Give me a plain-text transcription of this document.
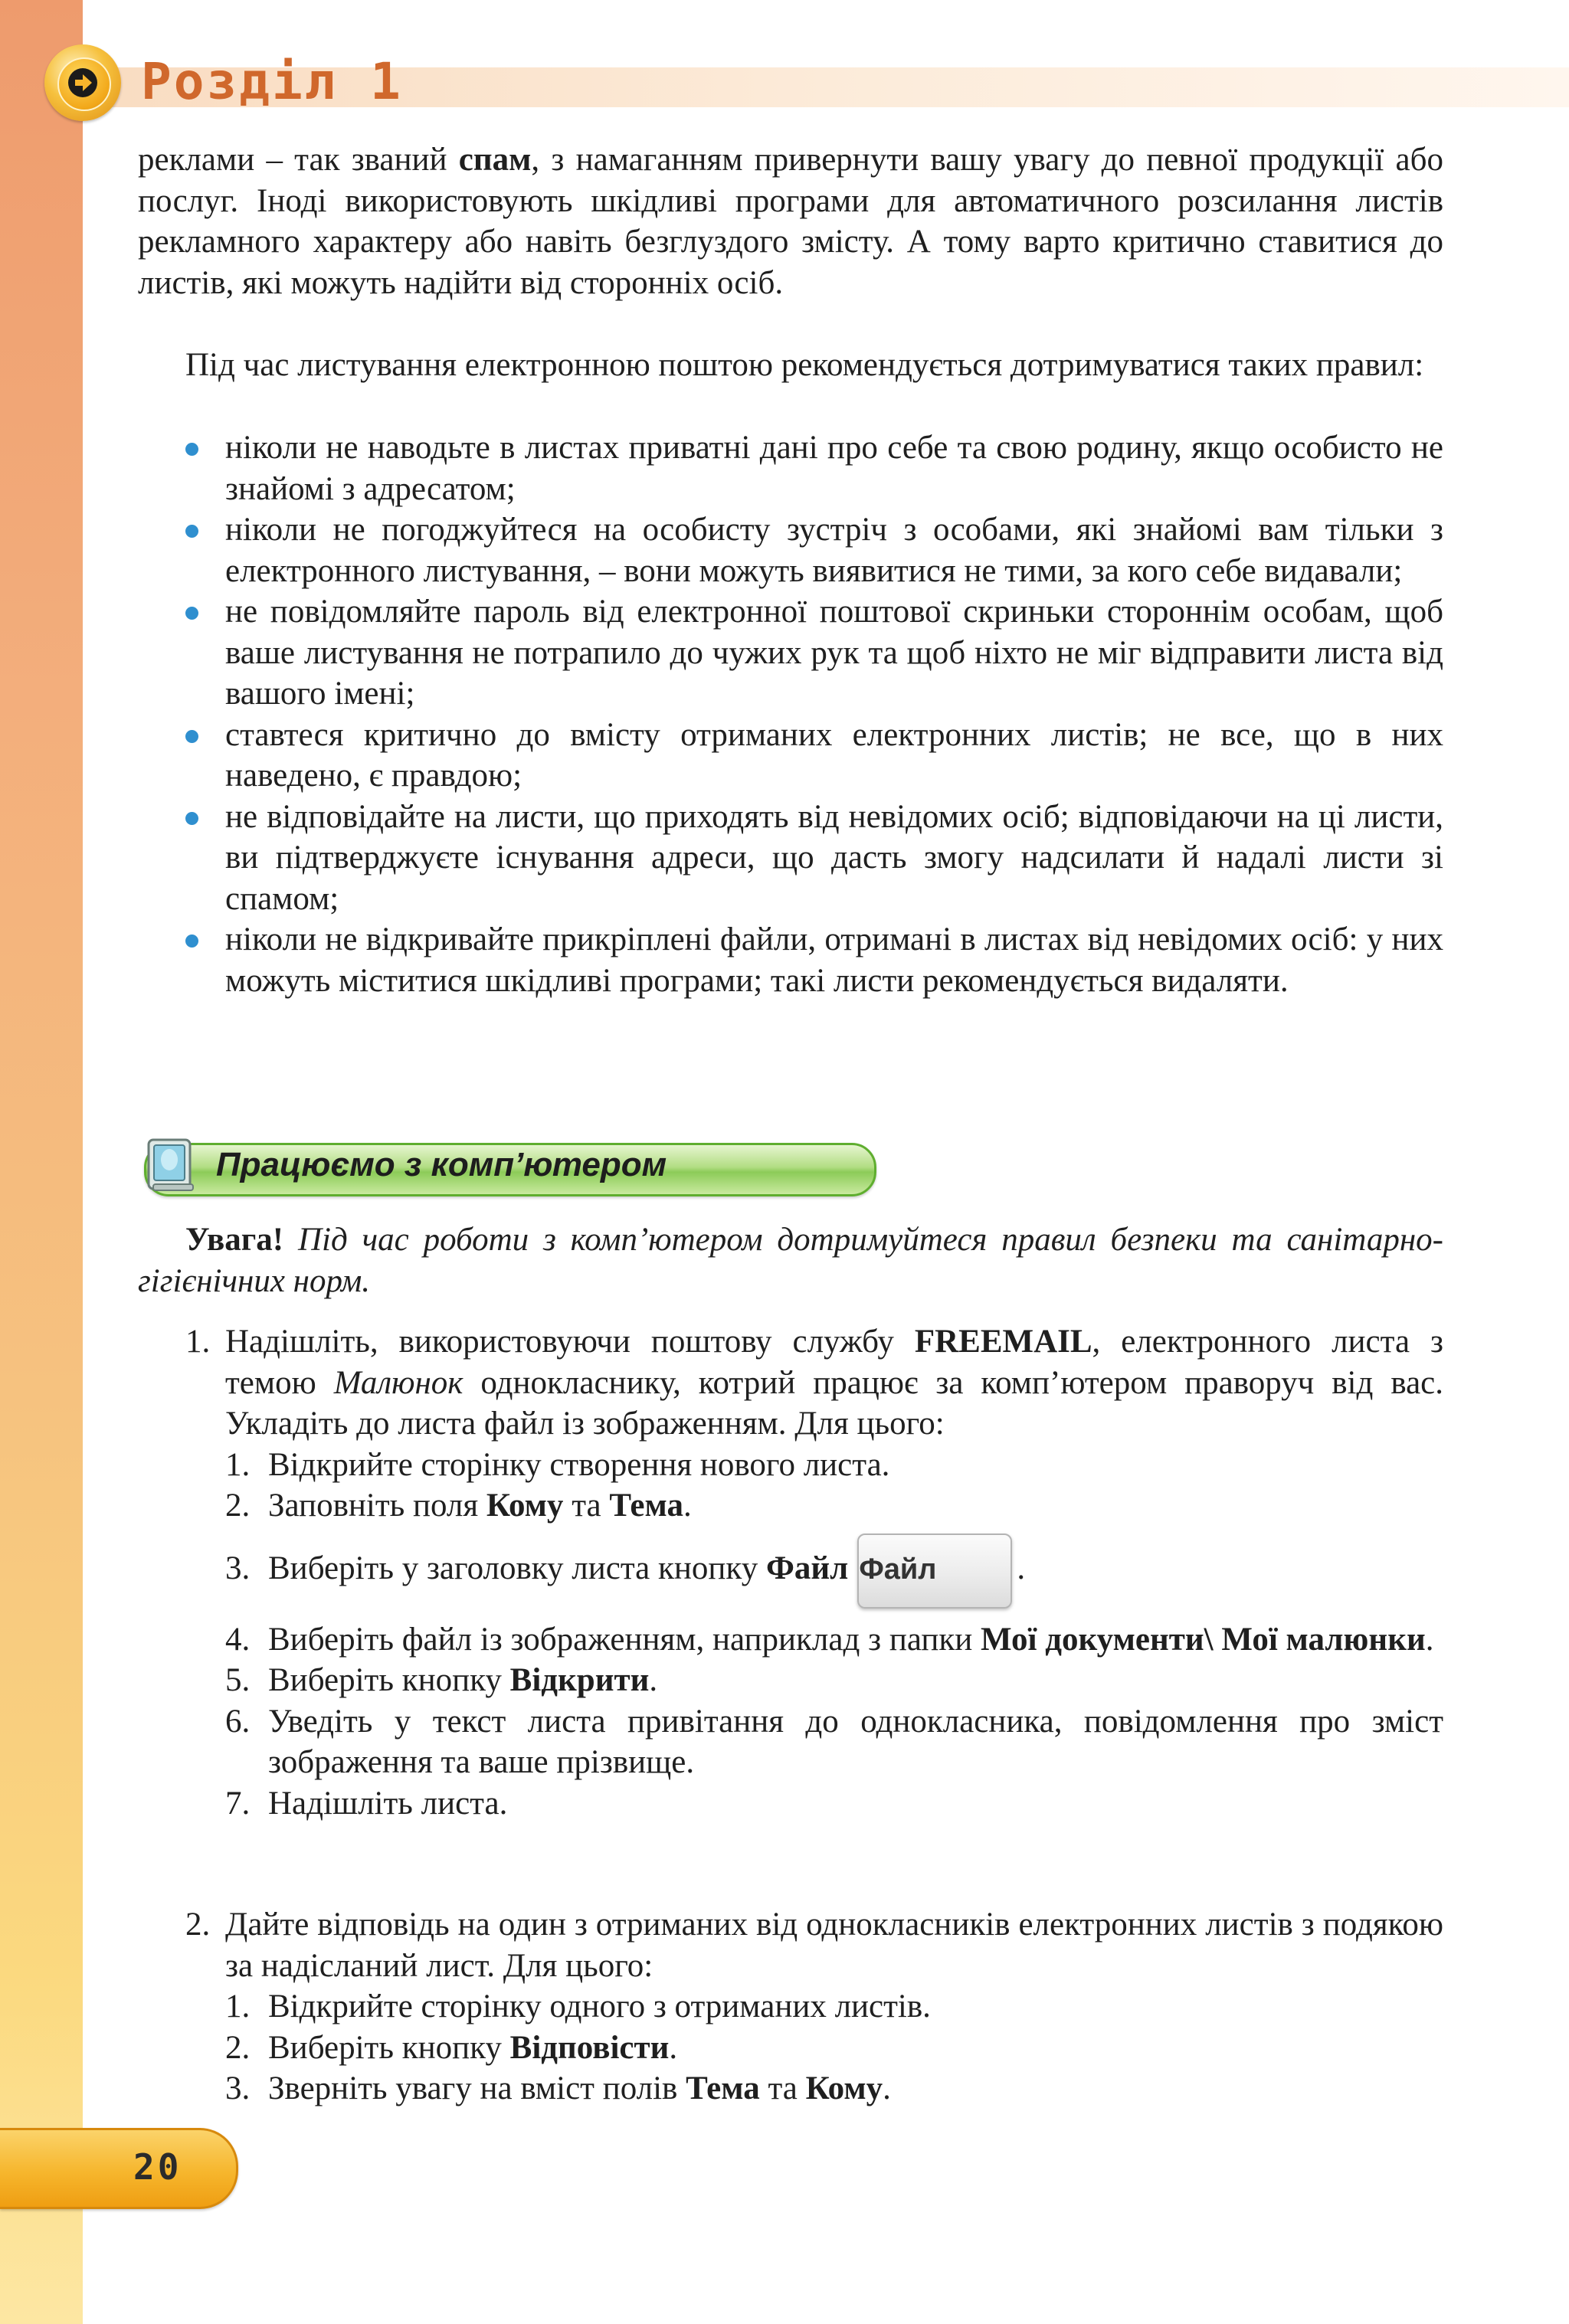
Розділ 1

реклами – так званий спам, з намаганням привернути вашу увагу до певної продукції або послуг. Іноді використовують шкідливі програми для автоматичного розсилання листів рекламного характеру або навіть безглуздого змісту. А тому варто критично ставитися до листів, які можуть надійти від сторонніх осіб.

Під час листування електронною поштою рекомендується дотримуватися таких правил:

ніколи не наводьте в листах приватні дані про себе та свою родину, якщо особисто не знайомі з адресатом;
ніколи не погоджуйтеся на особисту зустріч з особами, які знайомі вам тільки з електронного листування, – вони можуть виявитися не тими, за кого себе видавали;
не повідомляйте пароль від електронної поштової скриньки стороннім особам, щоб ваше листування не потрапило до чужих рук та щоб ніхто не міг відправити листа від вашого імені;
ставтеся критично до вмісту отриманих електронних листів; не все, що в них наведено, є правдою;
не відповідайте на листи, що приходять від невідомих осіб; відповідаючи на ці листи, ви підтверджуєте існування адреси, що дасть змогу надсилати й надалі листи зі спамом;
ніколи не відкривайте прикріплені файли, отримані в листах від невідомих осіб: у них можуть міститися шкідливі програми; такі листи рекомендується видаляти.
Працюємо з комп’ютером

Увага! Під час роботи з комп’ютером дотримуйтеся правил безпеки та санітарно-гігієнічних норм.

1. Надішліть, використовуючи поштову службу FREEMAIL, електронного листа з темою Малюнок однокласнику, котрий працює за комп’ютером праворуч від вас. Укладіть до листа файл із зображенням. Для цього:
1. Відкрийте сторінку створення нового листа.
2. Заповніть поля Кому та Тема.
3. Виберіть у заголовку листа кнопку Файл Файл .
4. Виберіть файл із зображенням, наприклад з папки Мої документи\ Мої малюнки.
5. Виберіть кнопку Відкрити.
6. Уведіть у текст листа привітання до однокласника, повідомлення про зміст зображення та ваше прізвище.
7. Надішліть листа.
2. Дайте відповідь на один з отриманих від однокласників електронних листів з подякою за надісланий лист. Для цього:
1. Відкрийте сторінку одного з отриманих листів.
2. Виберіть кнопку Відповісти.
3. Зверніть увагу на вміст полів Тема та Кому.
20
